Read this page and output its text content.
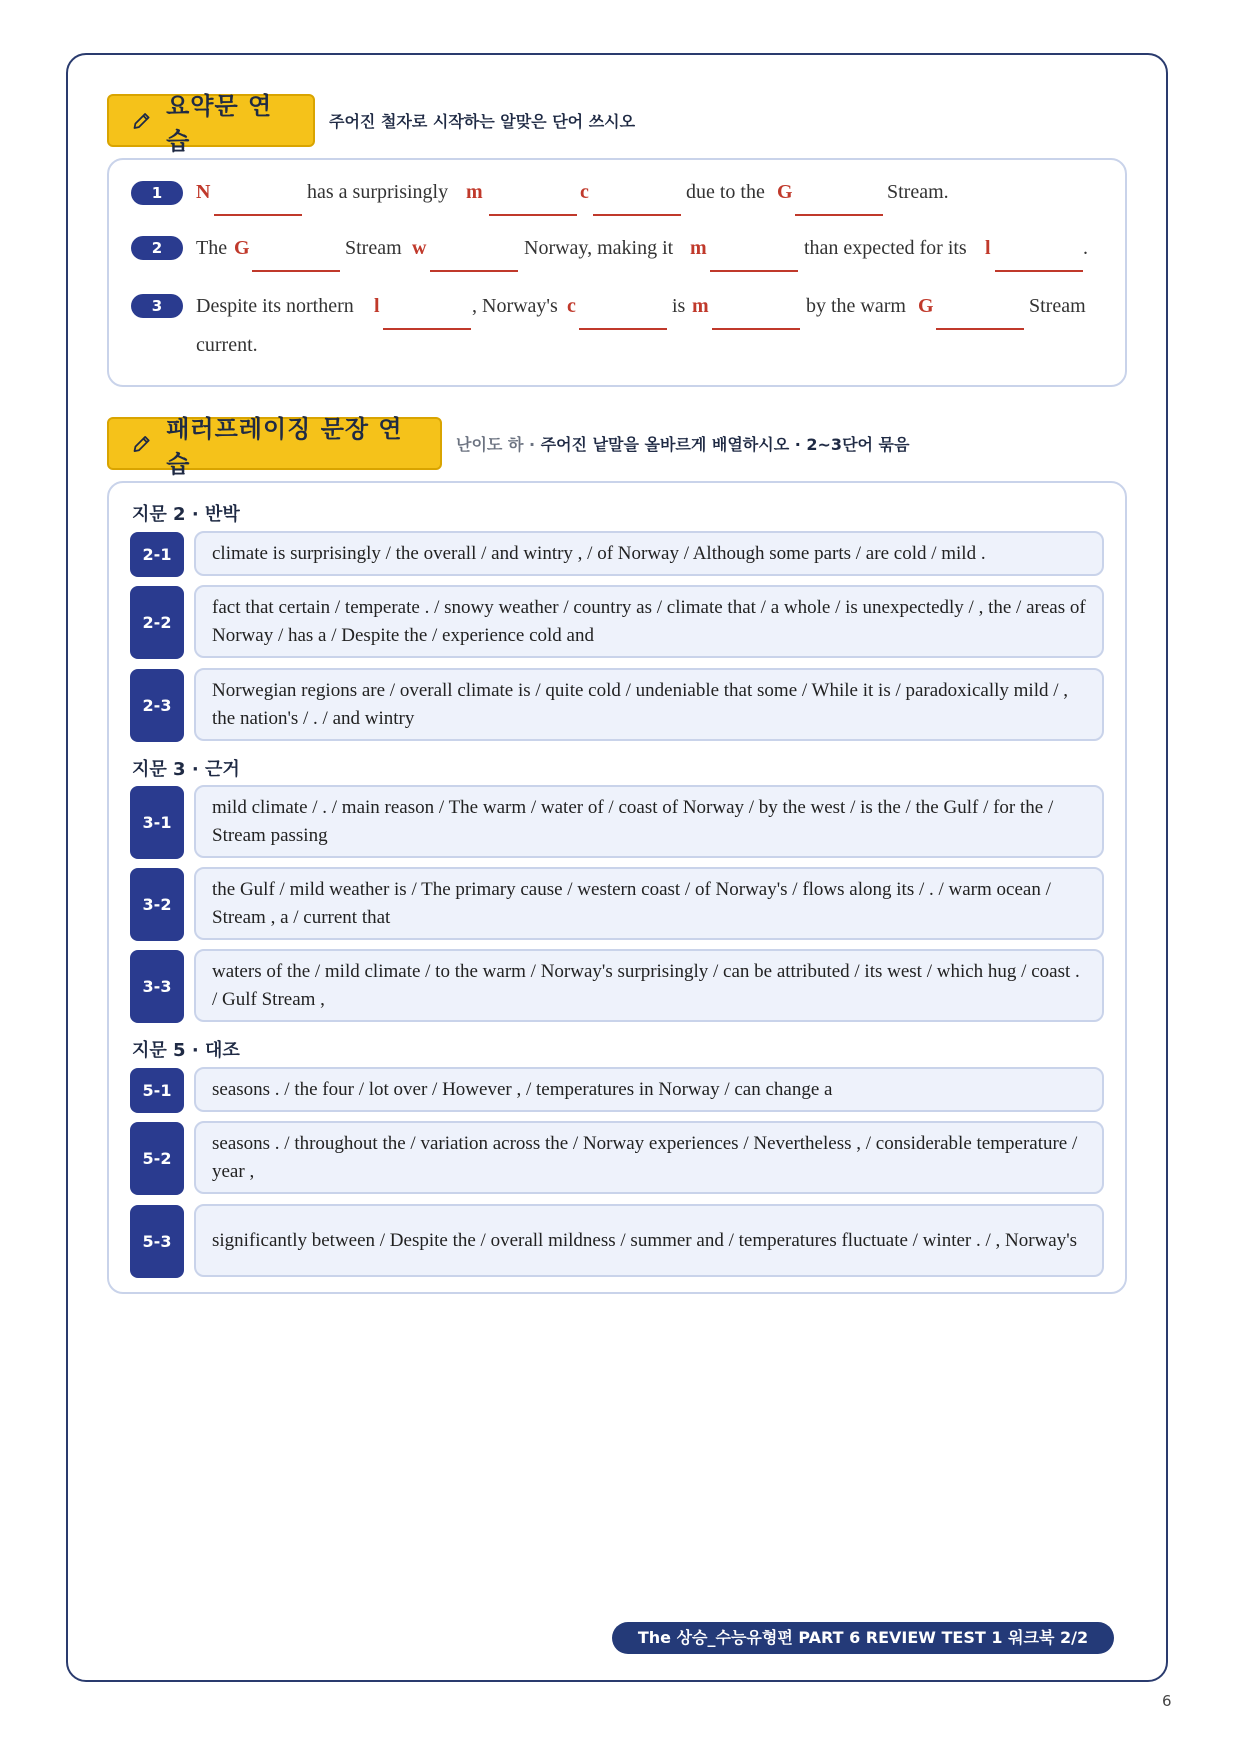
요약문 연습
주어진 철자로 시작하는 알맞은 단어 쓰시오
1	N	has a surprisingly m	c	due to the G	Stream.
2	The G	Stream w	Norway, making it m	than expected for its l	.
3	Despite its northern l	, Norway's c	is m	by the warm G	Stream
current.
패러프레이징 문장 연습
난이도 하 · 주어진 낱말을 올바르게 배열하시오 · 2~3단어 묶음
지문 2 · 반박
2-1	climate is surprisingly / the overall / and wintry , / of Norway / Although some parts / are cold / mild .
2-2
fact that certain / temperate . / snowy weather / country as / climate that / a whole / is unexpectedly / , the / areas of Norway / has a / Despite the / experience cold and
2-3
Norwegian regions are / overall climate is / quite cold / undeniable that some / While it is / paradoxically mild / , the nation's / . / and wintry
지문 3 · 근거
3-1
mild climate / . / main reason / The warm / water of / coast of Norway / by the west / is the / the Gulf / for the / Stream passing
3-2
the Gulf / mild weather is / The primary cause / western coast / of Norway's / flows along its / . / warm ocean / Stream , a / current that
3-3
waters of the / mild climate / to the warm / Norway's surprisingly / can be attributed / its west / which hug / coast . / Gulf Stream ,
지문 5 · 대조
5-1	seasons . / the four / lot over / However , / temperatures in Norway / can change a
5-2
seasons . / throughout the / variation across the / Norway experiences / Nevertheless , / considerable temperature / year ,
5-3	significantly between / Despite the / overall mildness / summer and / temperatures fluctuate / winter . / , Norway's
The 상승_수능유형편 PART 6 REVIEW TEST 1 워크북 2/2
6
